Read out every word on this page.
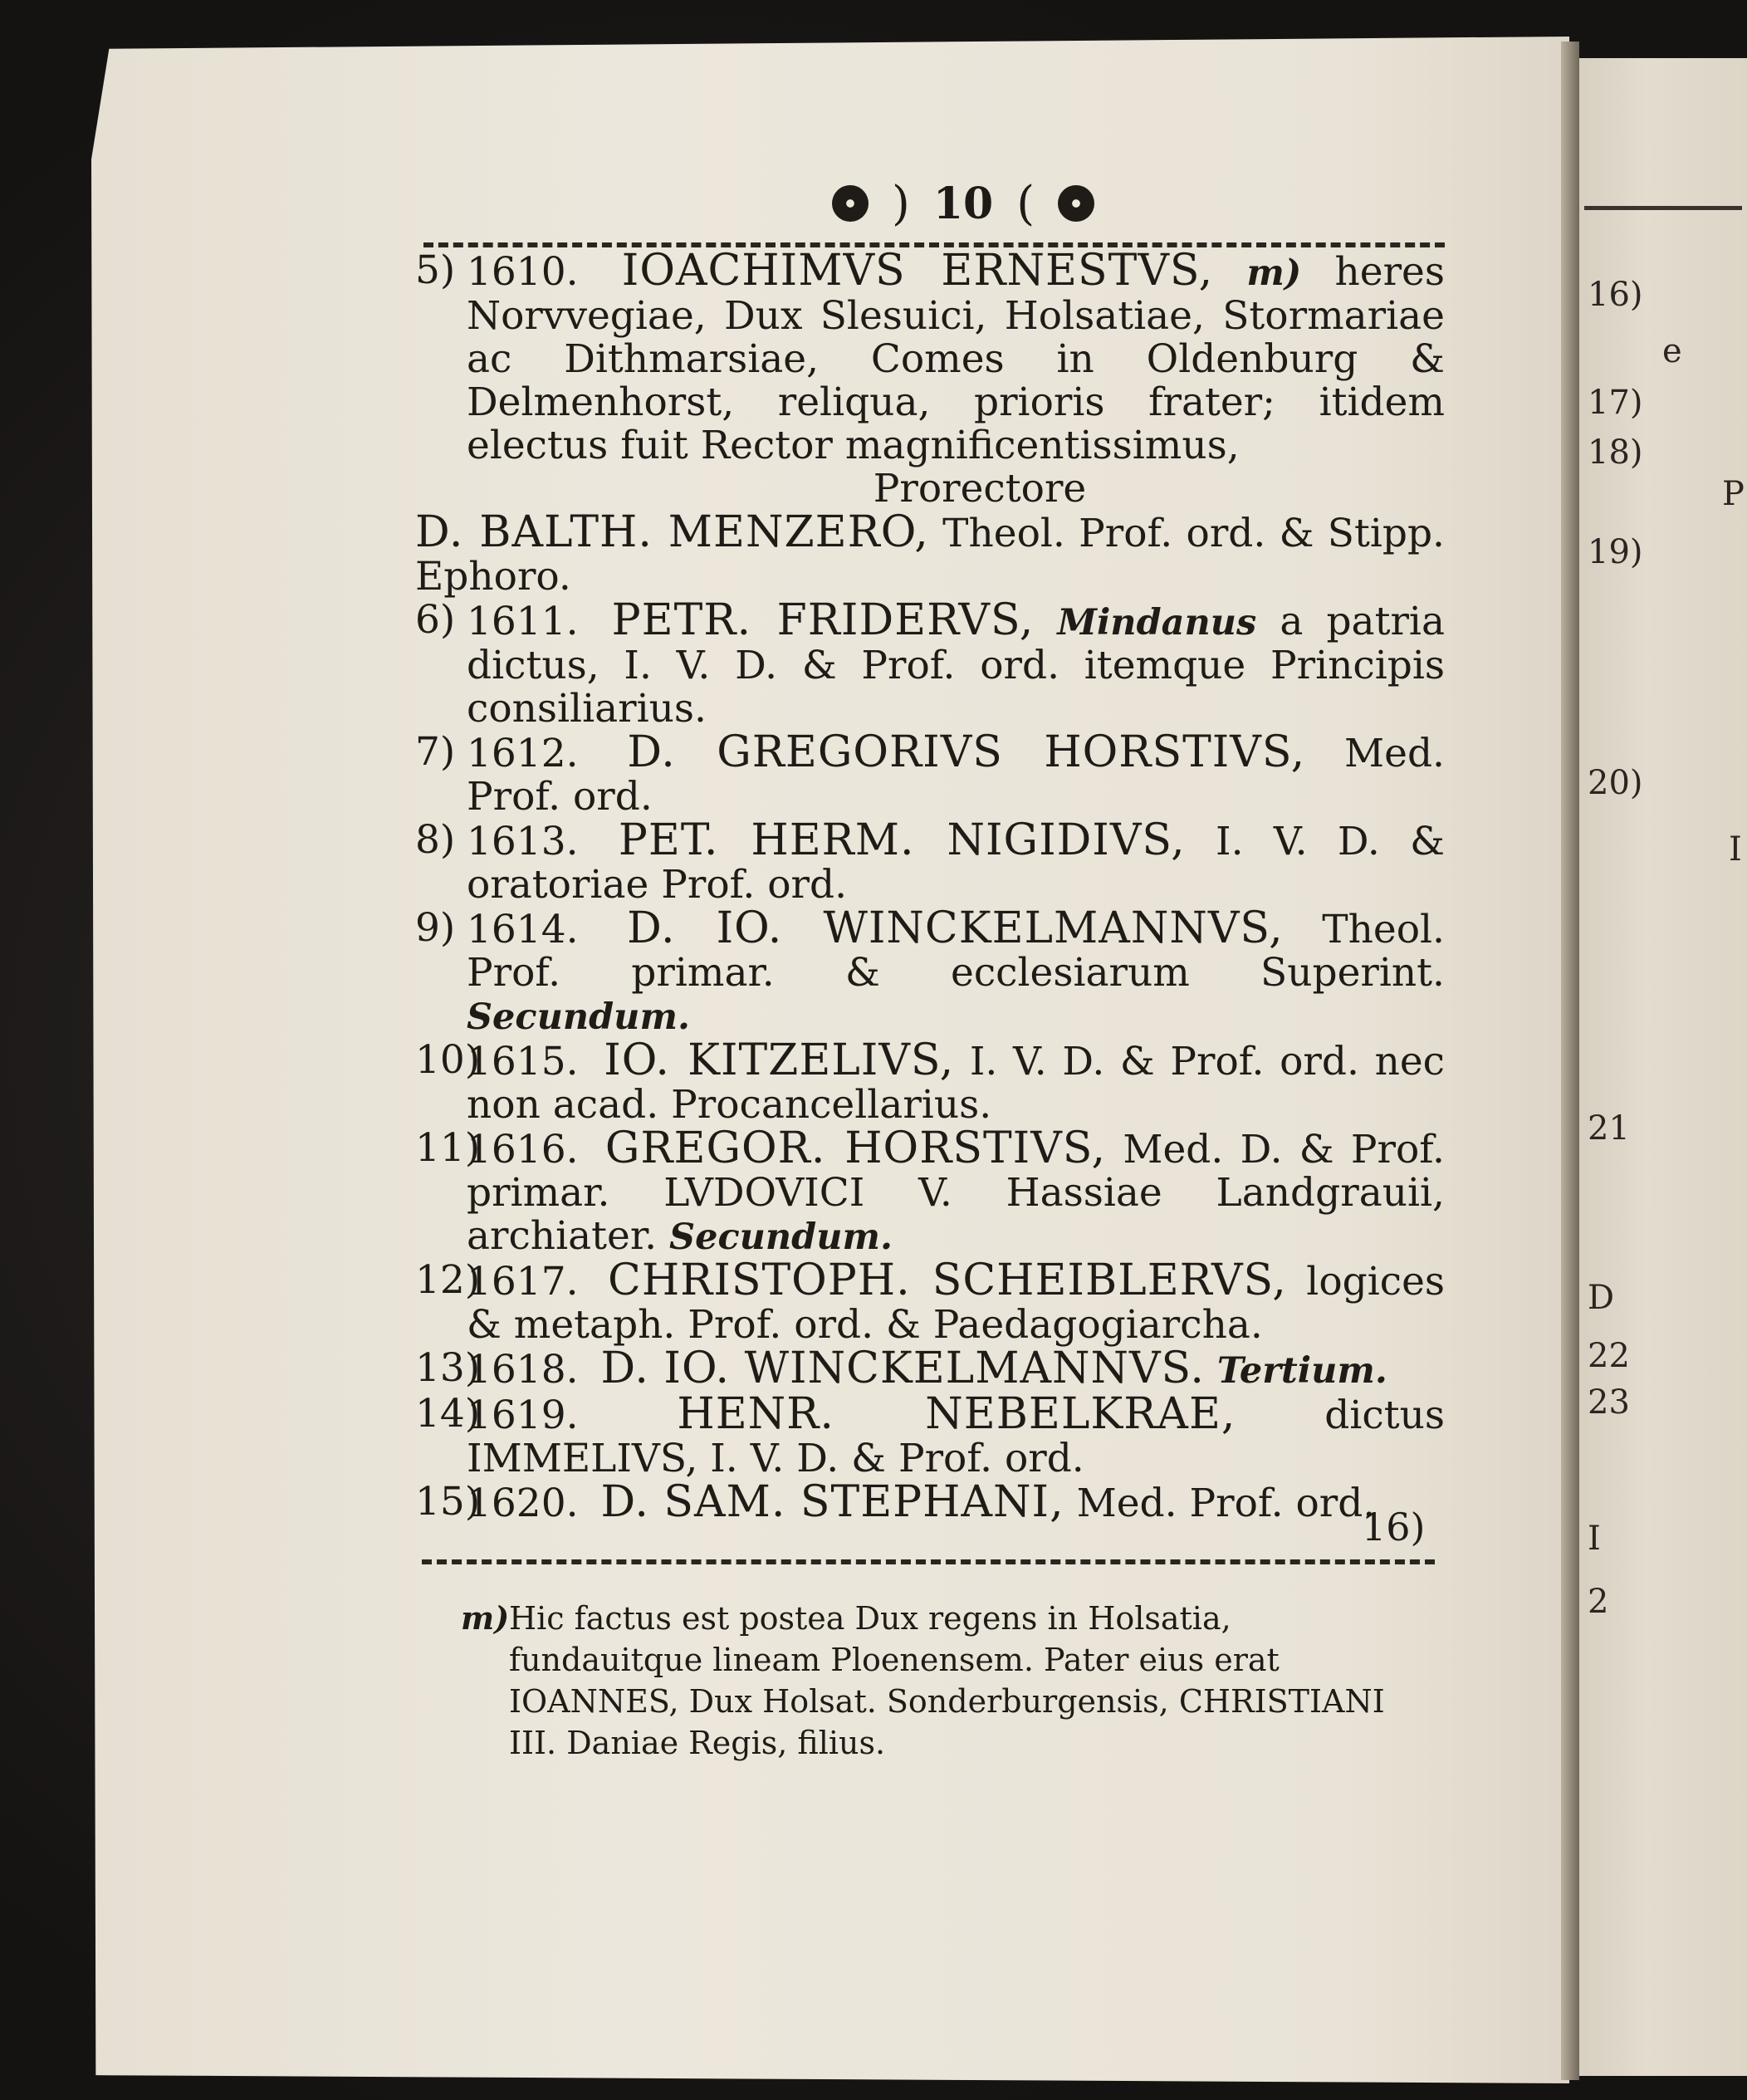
16)
e
17)
18)
P
19)
20)
I
21
D
22
23
I
2
) 10 (

5) 1610. IOACHIMVS ERNESTVS, m) heres Norvvegiae, Dux Slesuici, Holsatiae, Stormariae ac Dithmarsiae, Comes in Oldenburg & Delmenhorst, reliqua, prioris frater; itidem electus fuit Rector magnificentissimus,

Prorectore

D. BALTH. MENZERO, Theol. Prof. ord. & Stipp. Ephoro.

6) 1611. PETR. FRIDERVS, Mindanus a patria dictus, I. V. D. & Prof. ord. itemque Principis consiliarius.

7) 1612. D. GREGORIVS HORSTIVS, Med. Prof. ord.

8) 1613. PET. HERM. NIGIDIVS, I. V. D. & oratoriae Prof. ord.

9) 1614. D. IO. WINCKELMANNVS, Theol. Prof. primar. & ecclesiarum Superint. Secundum.

10)
1615. IO. KITZELIVS, I. V. D. & Prof. ord. nec non acad. Procancellarius.

11)
1616. GREGOR. HORSTIVS, Med. D. & Prof. primar. LVDOVICI V. Hassiae Landgrauii, archiater. Secundum.

12)
1617. CHRISTOPH. SCHEIBLERVS, logices & metaph. Prof. ord. & Paedagogiarcha.

13)
1618. D. IO. WINCKELMANNVS. Tertium.

14)
1619. HENR. NEBELKRAE, dictus IMMELIVS, I. V. D. & Prof. ord.

15)
1620. D. SAM. STEPHANI, Med. Prof. ord.

16)
m) Hic factus est postea Dux regens in Holsatia, fundauitque lineam Ploenensem. Pater eius erat IOANNES, Dux Holsat. Sonderburgensis, CHRISTIANI III. Daniae Regis, filius.
